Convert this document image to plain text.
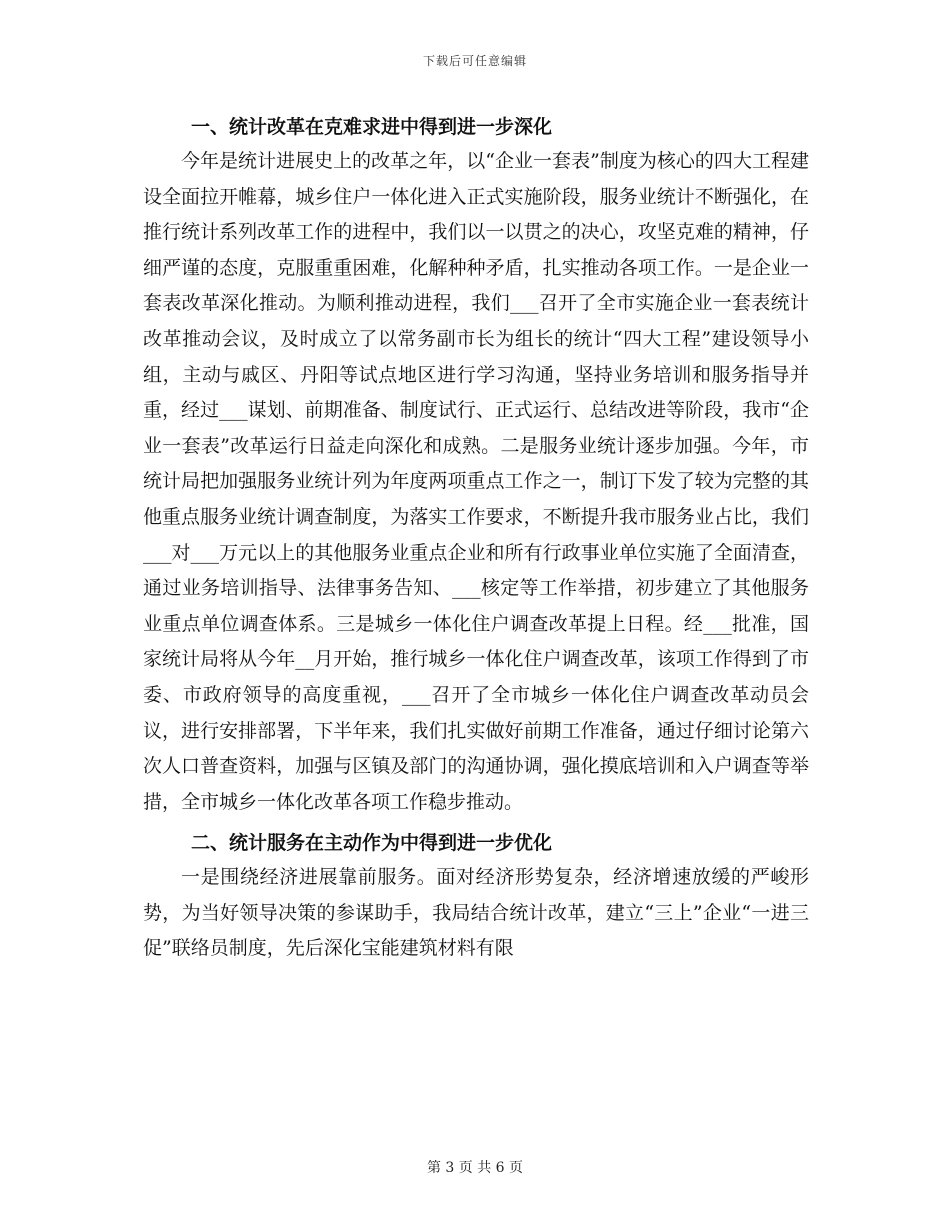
下载后可任意编辑
一、统计改革在克难求进中得到进一步深化

今年是统计进展史上的改革之年，以“企业一套表”制度为核心的四大工程建设全面拉开帷幕，城乡住户一体化进入正式实施阶段，服务业统计不断强化，在推行统计系列改革工作的进程中，我们以一以贯之的决心，攻坚克难的精神，仔细严谨的态度，克服重重困难，化解种种矛盾，扎实推动各项工作。一是企业一套表改革深化推动。为顺利推动进程，我们___召开了全市实施企业一套表统计改革推动会议，及时成立了以常务副市长为组长的统计“四大工程”建设领导小组，主动与戚区、丹阳等试点地区进行学习沟通，坚持业务培训和服务指导并重，经过___谋划、前期准备、制度试行、正式运行、总结改进等阶段，我市“企业一套表”改革运行日益走向深化和成熟。二是服务业统计逐步加强。今年，市统计局把加强服务业统计列为年度两项重点工作之一，制订下发了较为完整的其他重点服务业统计调查制度，为落实工作要求，不断提升我市服务业占比，我们___对___万元以上的其他服务业重点企业和所有行政事业单位实施了全面清查，通过业务培训指导、法律事务告知、___核定等工作举措，初步建立了其他服务业重点单位调查体系。三是城乡一体化住户调查改革提上日程。经___批准，国家统计局将从今年__月开始，推行城乡一体化住户调查改革，该项工作得到了市委、市政府领导的高度重视，___召开了全市城乡一体化住户调查改革动员会议，进行安排部署，下半年来，我们扎实做好前期工作准备，通过仔细讨论第六次人口普查资料，加强与区镇及部门的沟通协调，强化摸底培训和入户调查等举措，全市城乡一体化改革各项工作稳步推动。

二、统计服务在主动作为中得到进一步优化

一是围绕经济进展靠前服务。面对经济形势复杂，经济增速放缓的严峻形势，为当好领导决策的参谋助手，我局结合统计改革，建立“三上”企业“一进三促”联络员制度，先后深化宝能建筑材料有限

第 3 页 共 6 页
